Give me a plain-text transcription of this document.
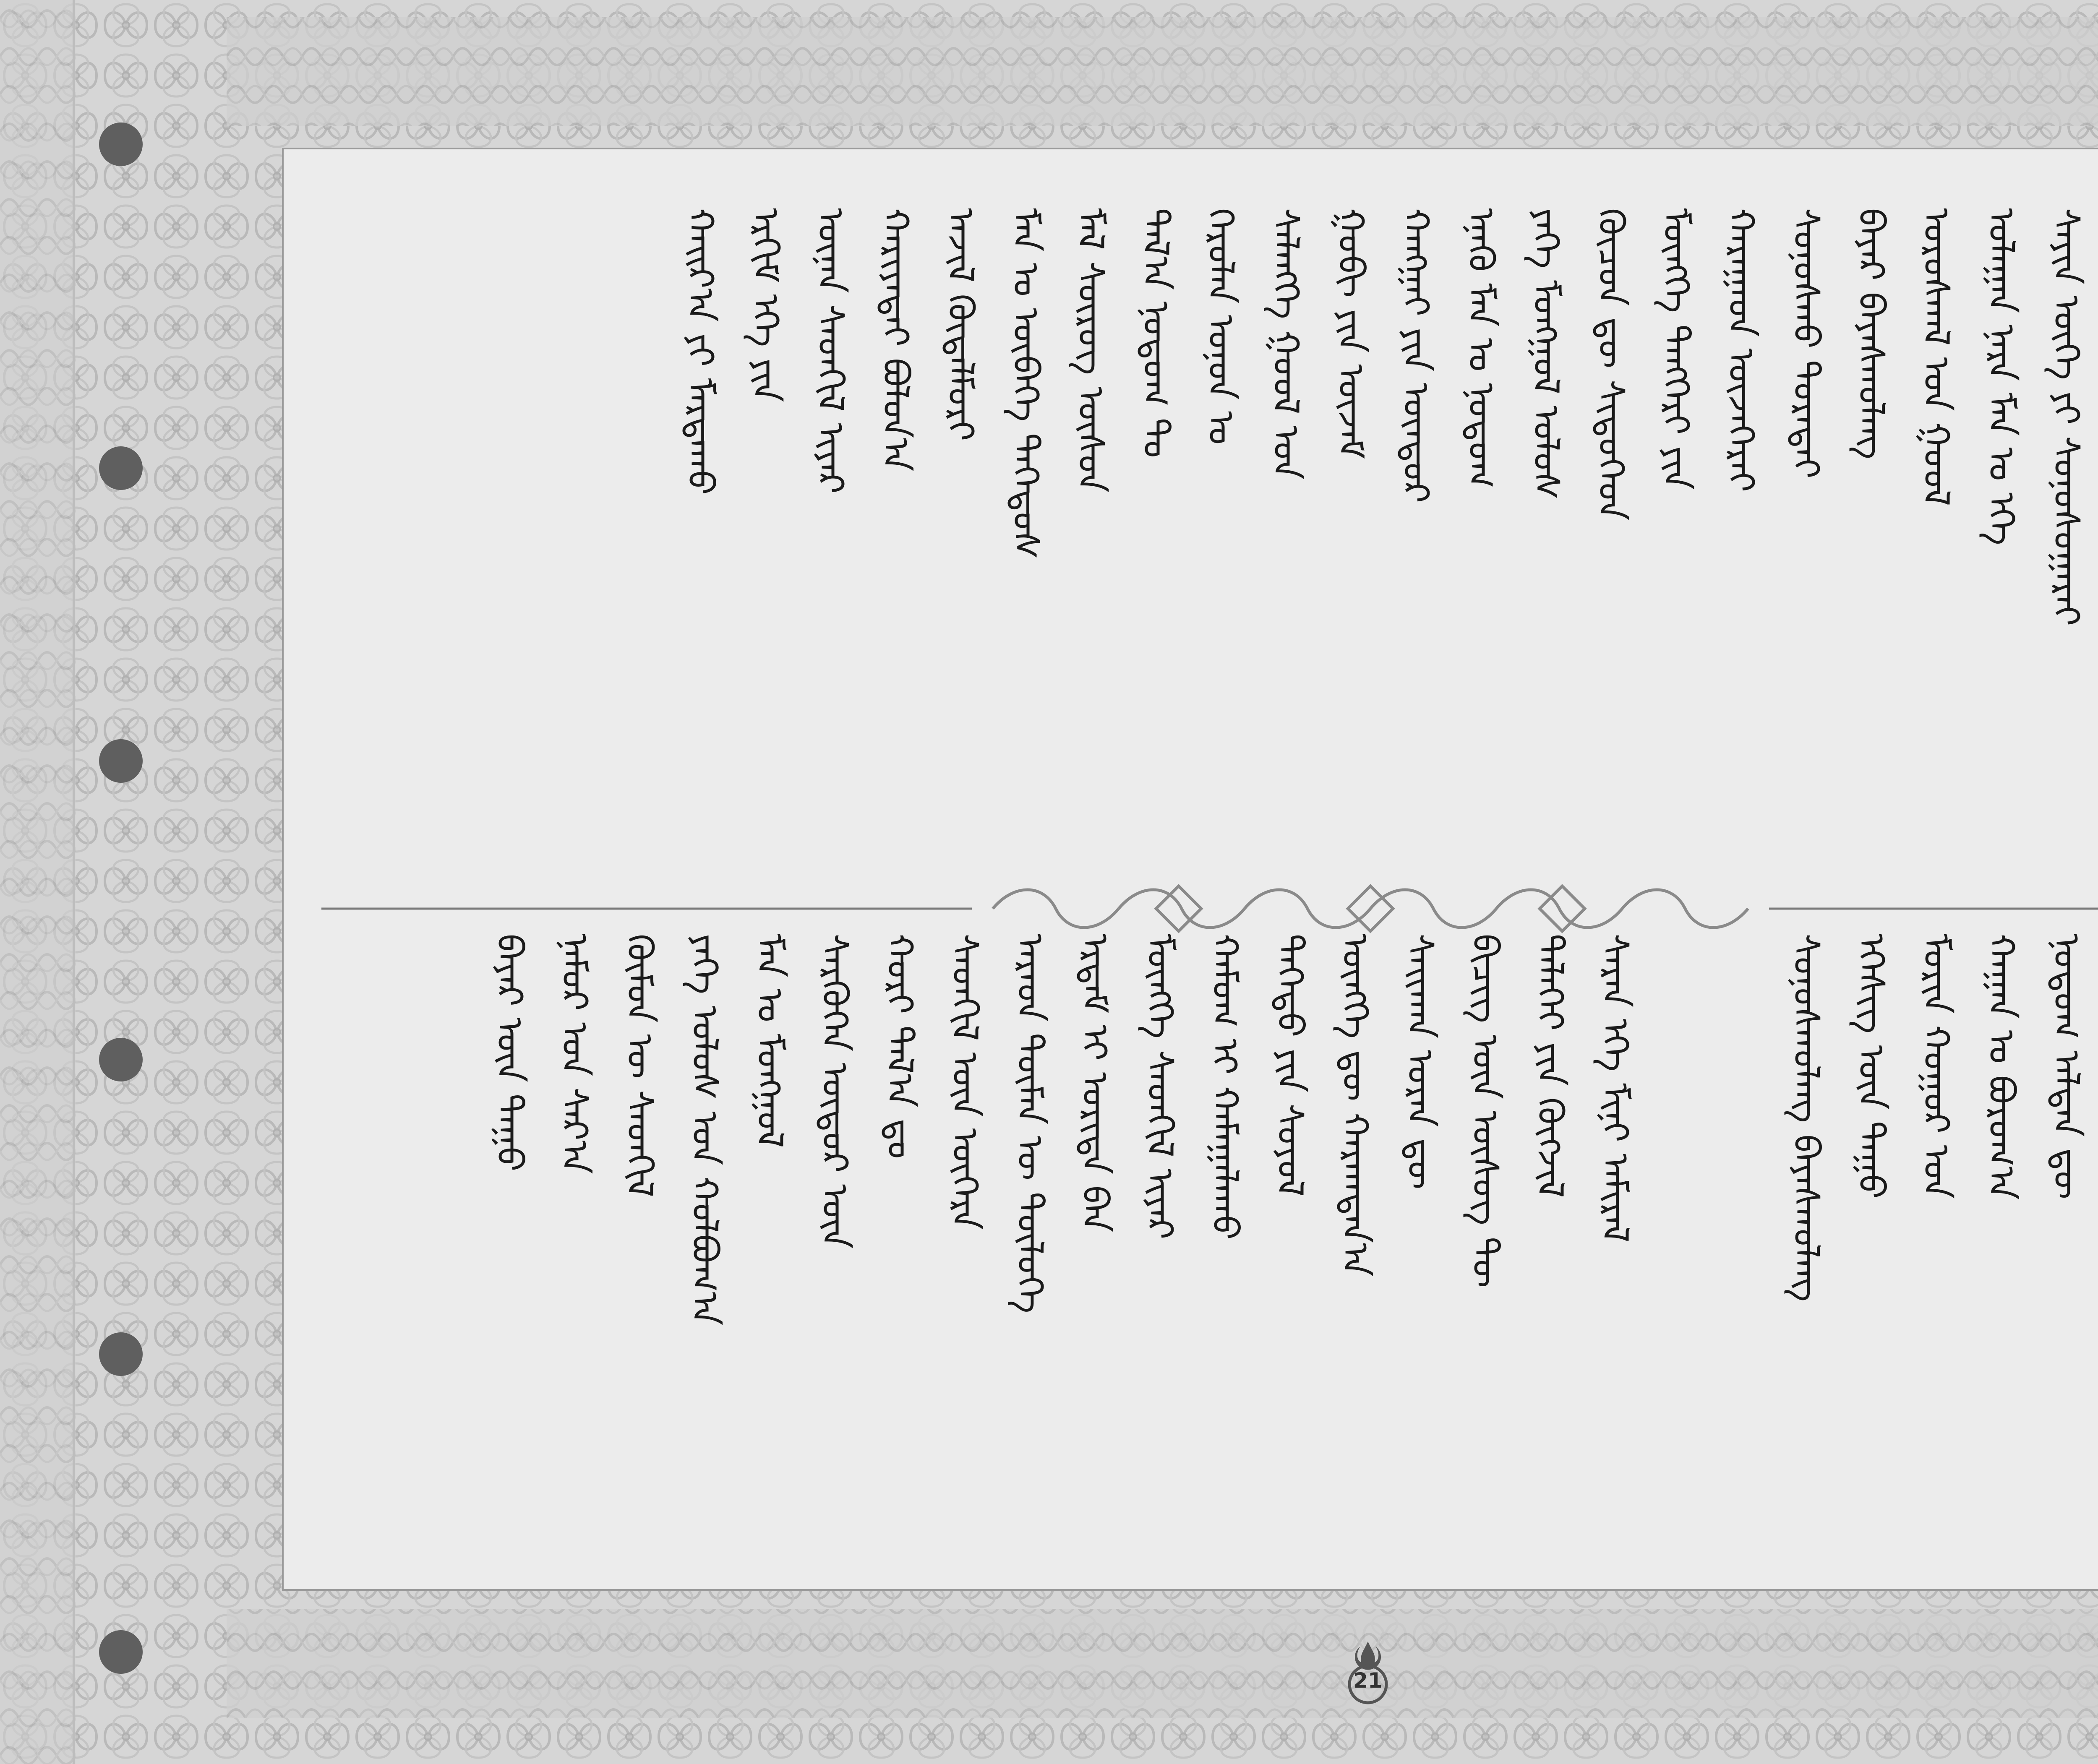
ᠰᠠᠶᠢᠨ ᠦᠭᠡ ᠶᠢ ᠰᠣᠨᠣᠰᠤᠭᠠᠷᠠᠢ
ᠤᠯᠠᠭᠠᠨ ᠨᠠᠷᠠ ᠮᠠᠨ ᠤ ᠡᠬᠡ
ᠤᠷᠤᠰᠬᠠᠯ ᠤᠨ ᠭᠣᠣᠯ
ᠪᠠᠶᠠᠷ ᠪᠠᠶᠠᠰᠬᠤᠯᠠᠩ
ᠰᠣᠨᠣᠰᠬᠤ ᠳᠤᠷᠠᠲᠠᠢ
ᠬᠠᠷᠠᠭᠠᠳ ᠦᠵᠡᠭᠡᠷᠡᠢ
ᠮᠦᠩᠬᠡ ᠲᠡᠩᠭᠡᠷᠢ ᠶᠢᠨ
ᠬᠦᠴᠦᠨ ᠳᠦ ᠰᠢᠲᠦᠭᠡᠳ
ᠶᠡᠬᠡ ᠮᠣᠩᠭᠣᠯ ᠤᠯᠤᠰ
ᠡᠨᠡᠬᠦ ᠮᠠᠨ ᠤ ᠨᠤᠲᠤᠭ
ᠬᠠᠩᠭᠠᠢ ᠶᠢᠨ ᠥᠨᠳᠦᠷ
ᠭᠣᠪᠢ ᠶᠢᠨ ᠦᠵᠡᠮ
ᠰᠡᠯᠡᠩᠭᠡ ᠭᠣᠣᠯ ᠤᠨ
ᠬᠡᠷᠦᠯᠡᠨ ᠣᠨᠣᠨ ᠤ
ᠲᠠᠯ᠎ᠠ ᠨᠤᠲᠤᠭ ᠲᠤ
ᠮᠠᠯ ᠰᠦᠷᠦᠭ ᠥᠰᠦᠨ
ᠮᠠᠨ ᠤ ᠥᠪᠡᠭᠡ ᠳᠡᠭᠡᠳᠦᠰ
ᠠᠵᠢᠯ ᠬᠥᠳᠡᠯᠮᠦᠷᠢ
ᠬᠠᠷᠢᠶᠠᠲᠠᠢ ᠪᠣᠯᠤᠨ᠎ᠠ
ᠦᠨᠡᠨ ᠰᠡᠳᠬᠢᠯ ᠢᠶᠡᠷ
ᠡᠷᠬᠢᠮ ᠡᠬᠡ ᠶᠢᠨ
ᠬᠠᠢᠷ᠎ᠠ ᠶᠢ ᠮᠠᠷᠲᠠᠬᠤ
ᠨᠤᠲᠤᠭ ᠠᠯᠲᠠᠨ ᠳᠦ
ᠬᠠᠭᠠᠨ ᠤ ᠪᠣᠷᠣᠭ᠎ᠠ
ᠮᠣᠷᠢᠨ ᠬᠣᠭᠤᠷ ᠤᠨ
ᠡᠭᠡᠰᠢᠭ ᠦᠨ ᠳᠠᠭᠤ
ᠰᠣᠨᠣᠰᠬᠤᠯᠠᠩ ᠪᠠᠶᠠᠰᠬᠤᠯᠠᠩ
ᠰᠠᠷᠠᠨ ᠡᠬᠡ ᠮᠢᠨᠢ ᠠᠮᠢᠷᠠᠯ
ᠳᠡᠯᠡᠭᠡᠢ ᠶᠢᠨ ᠬᠥᠭᠵᠢᠯ
ᠪᠢᠴᠢᠭ ᠦᠨ ᠦᠰᠦᠭ ᠲᠦ
ᠰᠠᠢᠬᠠᠨ ᠤᠷᠠᠨ ᠳᠦ
ᠥᠩᠭᠡ ᠳᠦ ᠬᠠᠷᠠᠭᠳᠠᠨ᠎ᠠ
ᠳᠡᠭᠡᠳᠦ ᠶᠢᠨ ᠰᠣᠶᠣᠯ
ᠬᠠᠮᠤᠭ ᠢ ᠬᠠᠮᠠᠭᠠᠯᠠᠬᠤ
ᠮᠥᠩᠬᠡ ᠰᠡᠳᠬᠢᠯ ᠢᠶᠡᠷ
ᠡᠷᠳᠡᠮ ᠢ ᠤᠷᠢᠳᠠ ᠪᠠᠨ
ᠠᠷᠠᠳ ᠲᠦᠮᠡᠨ ᠦ ᠲᠥᠯᠦᠭᠡ
ᠰᠡᠳᠬᠢᠯ ᠦᠨ ᠥᠭᠡᠷᠡ
ᠬᠣᠷᠢ ᠲᠠᠯ᠎ᠠ ᠳᠤ
ᠰᠡᠷᠭᠦᠭᠡᠨ ᠥᠳᠦᠷ ᠦᠨ
ᠮᠠᠨ ᠤ ᠮᠣᠩᠭᠣᠯ
ᠶᠡᠬᠡ ᠤᠯᠤᠰ ᠤᠨ ᠬᠣᠯᠪᠣᠭ᠎ᠠ
ᠬᠦᠮᠦᠨ ᠦ ᠰᠡᠳᠬᠢᠯ
ᠨᠠᠮᠤᠷ ᠤᠨ ᠰᠠᠷ᠎ᠠ
ᠪᠠᠶᠠᠷ ᠦᠨ ᠳᠠᠭᠤ
21
